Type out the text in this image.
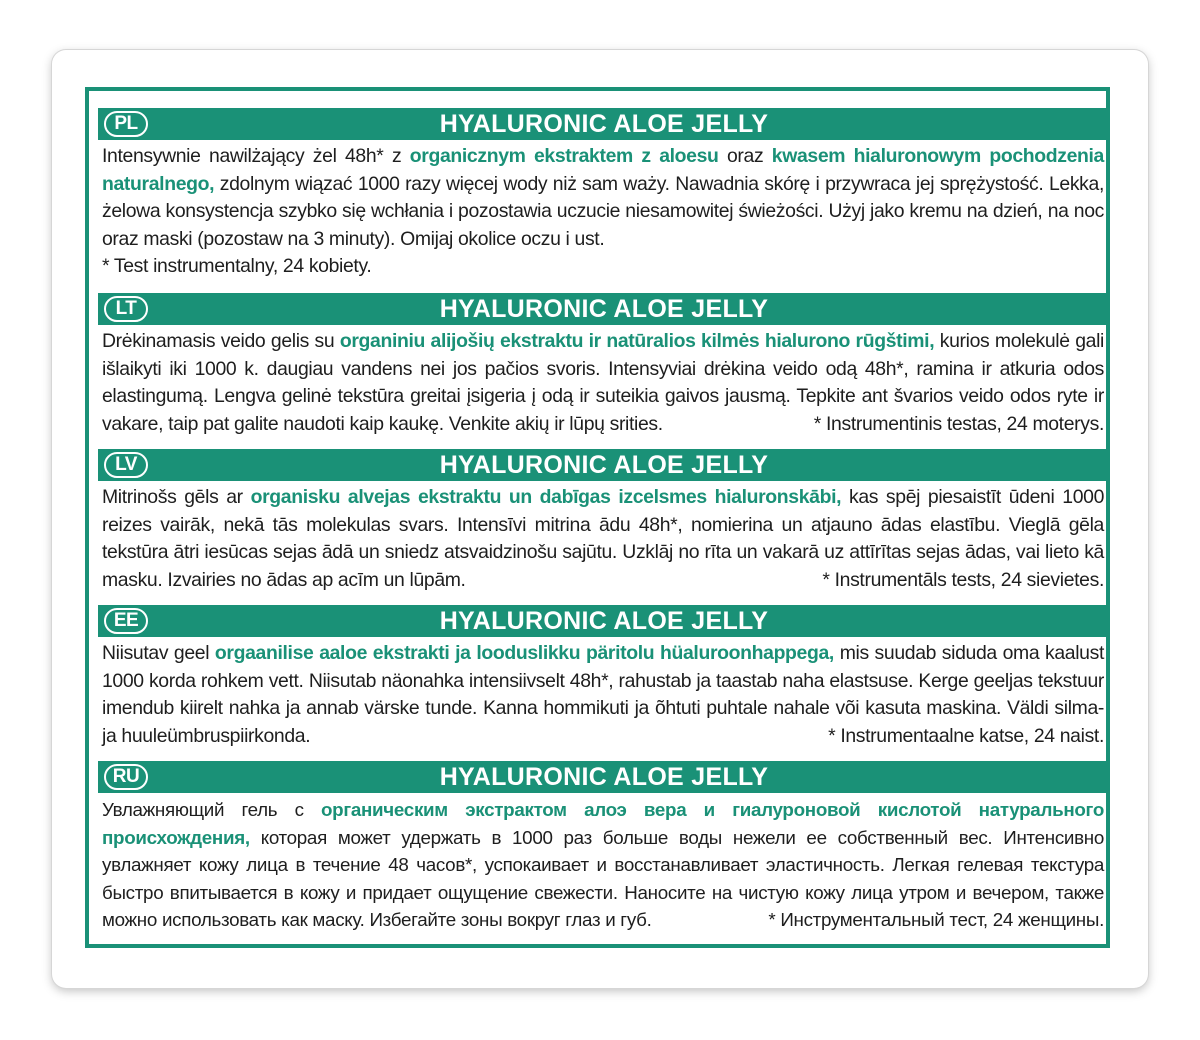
PL	HYALURONIC ALOE JELLY

Intensywnie nawilżający żel 48h* z organicznym ekstraktem z aloesu oraz kwasem hialuronowym pochodzenia naturalnego, zdolnym wiązać 1000 razy więcej wody niż sam waży. Nawadnia skórę i przywraca jej sprężystość. Lekka, żelowa konsystencja szybko się wchłania i pozostawia uczucie niesamowitej świeżości. Użyj jako kremu na dzień, na noc oraz maski (pozostaw na 3 minuty). Omijaj okolice oczu i ust.
* Test instrumentalny, 24 kobiety.

LT	HYALURONIC ALOE JELLY

Drėkinamasis veido gelis su organiniu alijošių ekstraktu ir natūralios kilmės hialurono rūgštimi, kurios molekulė gali išlaikyti iki 1000 k. daugiau vandens nei jos pačios svoris. Intensyviai drėkina veido odą 48h*, ramina ir atkuria odos elastingumą. Lengva gelinė tekstūra greitai įsigeria į odą ir suteikia gaivos jausmą. Tepkite ant švarios veido odos ryte ir vakare, taip pat galite naudoti kaip kaukę. Venkite akių ir lūpų srities.	* Instrumentinis testas, 24 moterys.

LV	HYALURONIC ALOE JELLY

Mitrinošs gēls ar organisku alvejas ekstraktu un dabīgas izcelsmes hialuronskābi, kas spēj piesaistīt ūdeni 1000 reizes vairāk, nekā tās molekulas svars. Intensīvi mitrina ādu 48h*, nomierina un atjauno ādas elastību. Vieglā gēla tekstūra ātri iesūcas sejas ādā un sniedz atsvaidzinošu sajūtu. Uzklāj no rīta un vakarā uz attīrītas sejas ādas, vai lieto kā masku. Izvairies no ādas ap acīm un lūpām.	* Instrumentāls tests, 24 sievietes.

EE	HYALURONIC ALOE JELLY

Niisutav geel orgaanilise aaloe ekstrakti ja looduslikku päritolu hüaluroonhappega, mis suudab siduda oma kaalust 1000 korda rohkem vett. Niisutab näonahka intensiivselt 48h*, rahustab ja taastab naha elastsuse. Kerge geeljas tekstuur imendub kiirelt nahka ja annab värske tunde. Kanna hommikuti ja õhtuti puhtale nahale või kasuta maskina. Väldi silma- ja huuleümbruspiirkonda.	* Instrumentaalne katse, 24 naist.

RU	HYALURONIC ALOE JELLY

Увлажняющий гель с органическим экстрактом алоэ вера и гиалуроновой кислотой натурального происхождения, которая может удержать в 1000 раз больше воды нежели ее собственный вес. Интенсивно увлажняет кожу лица в течение 48 часов*, успокаивает и восстанавливает эластичность. Легкая гелевая текстура быстро впитывается в кожу и придает ощущение свежести. Наносите на чистую кожу лица утром и вечером, также можно использовать как маску. Избегайте зоны вокруг глаз и губ.	* Инструментальный тест, 24 женщины.
